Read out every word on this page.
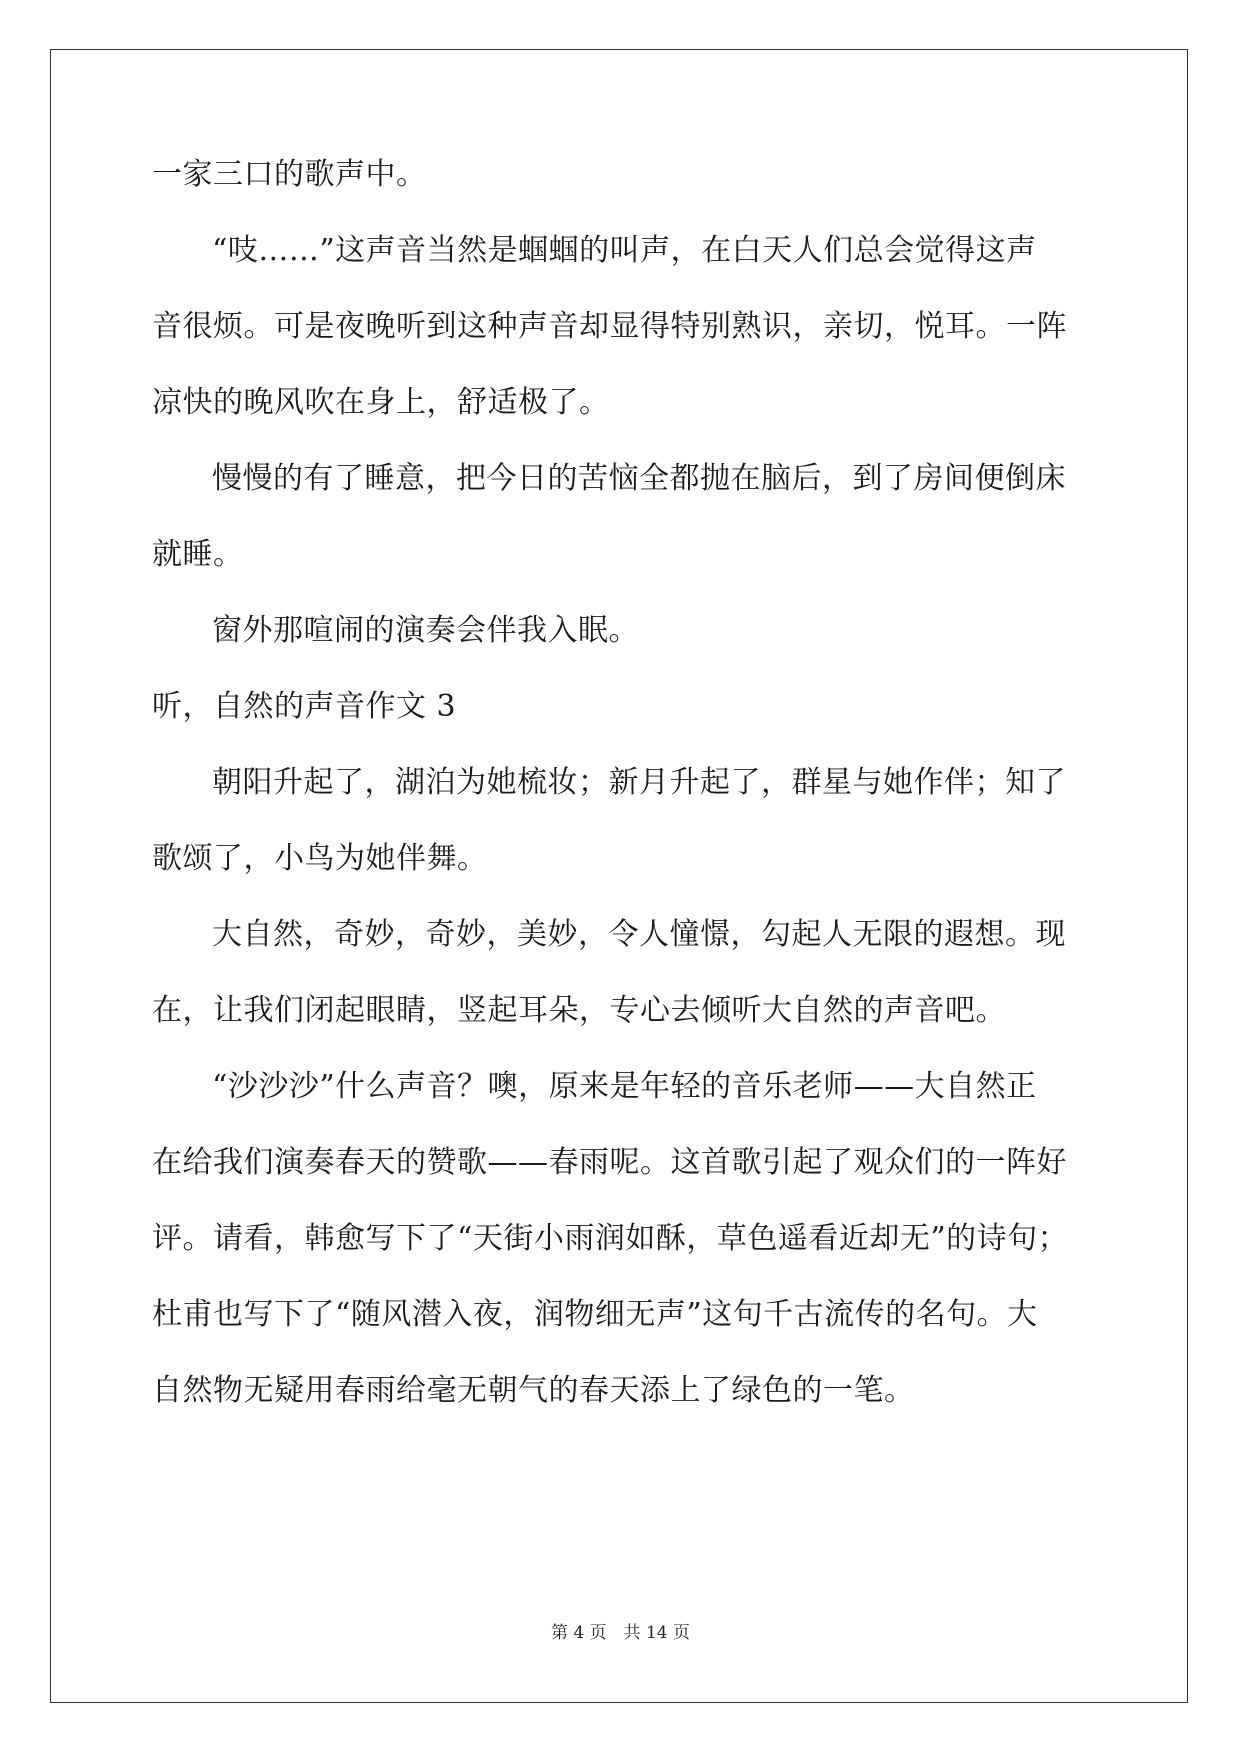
一家三口的歌声中。
“吱……”这声音当然是蝈蝈的叫声，在白天人们总会觉得这声
音很烦。可是夜晚听到这种声音却显得特别熟识，亲切，悦耳。一阵
凉快的晚风吹在身上，舒适极了。
慢慢的有了睡意，把今日的苦恼全都抛在脑后，到了房间便倒床
就睡。
窗外那喧闹的演奏会伴我入眠。
听，自然的声音作文 3
朝阳升起了，湖泊为她梳妆；新月升起了，群星与她作伴；知了
歌颂了，小鸟为她伴舞。
大自然，奇妙，奇妙，美妙，令人憧憬，勾起人无限的遐想。现
在，让我们闭起眼睛，竖起耳朵，专心去倾听大自然的声音吧。
“沙沙沙”什么声音？噢，原来是年轻的音乐老师——大自然正
在给我们演奏春天的赞歌——春雨呢。这首歌引起了观众们的一阵好
评。请看，韩愈写下了“天街小雨润如酥，草色遥看近却无”的诗句；
杜甫也写下了“随风潜入夜，润物细无声”这句千古流传的名句。大
自然物无疑用春雨给毫无朝气的春天添上了绿色的一笔。
第 4 页　共 14 页
